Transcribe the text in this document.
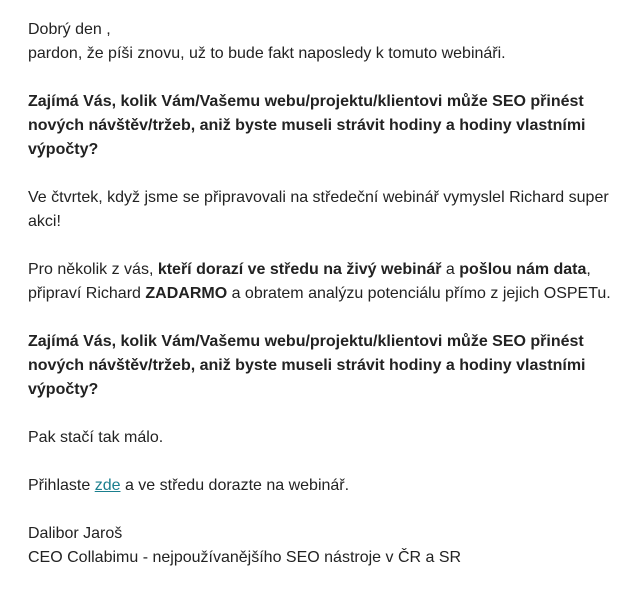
Dobrý den ,
pardon, že píši znovu, už to bude fakt naposledy k tomuto webináři.

Zajímá Vás, kolik Vám/Vašemu webu/projektu/klientovi může SEO přinést nových návštěv/tržeb, aniž byste museli strávit hodiny a hodiny vlastními výpočty?

Ve čtvrtek, když jsme se připravovali na středeční webinář vymyslel Richard super akci!

Pro několik z vás, kteří dorazí ve středu na živý webinář a pošlou nám data, připraví Richard ZADARMO a obratem analýzu potenciálu přímo z jejich OSPETu.

Zajímá Vás, kolik Vám/Vašemu webu/projektu/klientovi může SEO přinést nových návštěv/tržeb, aniž byste museli strávit hodiny a hodiny vlastními výpočty?

Pak stačí tak málo.

Přihlaste zde a ve středu dorazte na webinář.

Dalibor Jaroš
CEO Collabimu - nejpoužívanějšího SEO nástroje v ČR a SR
